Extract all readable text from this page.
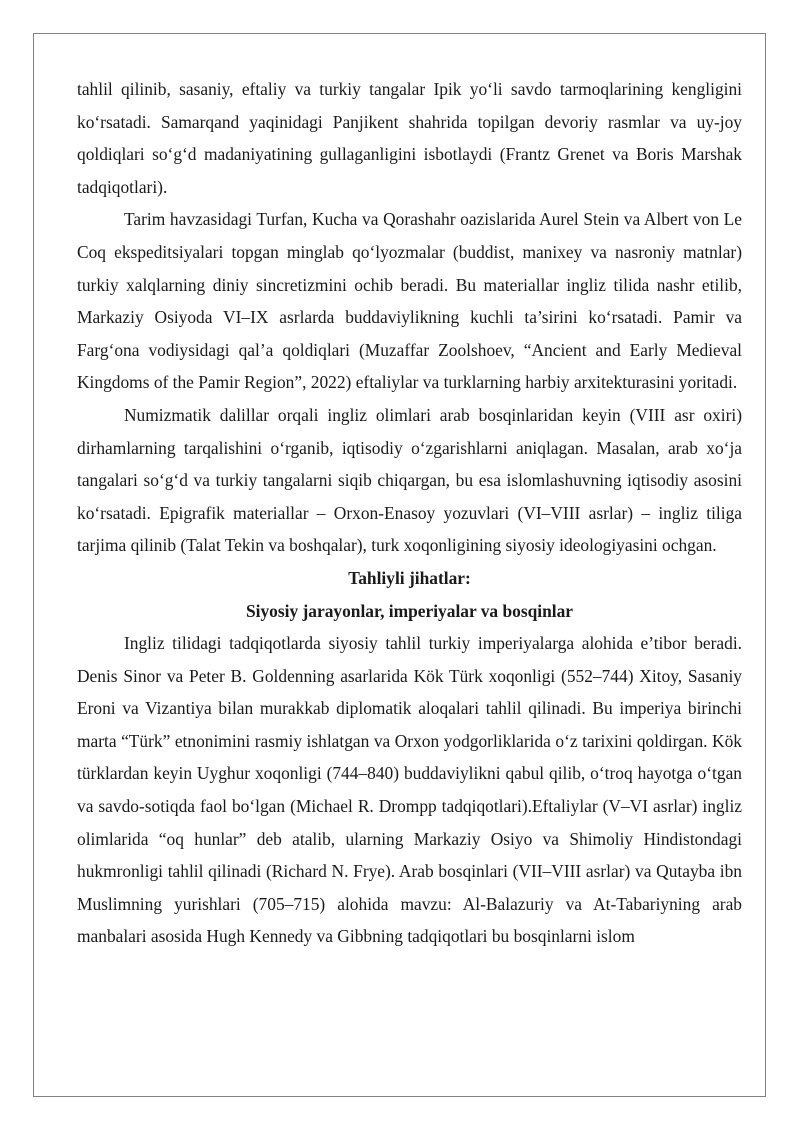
tahlil qilinib, sasaniy, eftaliy va turkiy tangalar Ipik yo‘li savdo tarmoqlarining kengligini ko‘rsatadi. Samarqand yaqinidagi Panjikent shahrida topilgan devoriy rasmlar va uy-joy qoldiqlari so‘g‘d madaniyatining gullaganligini isbotlaydi (Frantz Grenet va Boris Marshak tadqiqotlari).

Tarim havzasidagi Turfan, Kucha va Qorashahr oazislarida Aurel Stein va Albert von Le Coq ekspeditsiyalari topgan minglab qo‘lyozmalar (buddist, manixey va nasroniy matnlar) turkiy xalqlarning diniy sincretizmini ochib beradi. Bu materiallar ingliz tilida nashr etilib, Markaziy Osiyoda VI–IX asrlarda buddaviylikning kuchli ta’sirini ko‘rsatadi. Pamir va Farg‘ona vodiysidagi qal’a qoldiqlari (Muzaffar Zoolshoev, “Ancient and Early Medieval Kingdoms of the Pamir Region”, 2022) eftaliylar va turklarning harbiy arxitekturasini yoritadi.

Numizmatik dalillar orqali ingliz olimlari arab bosqinlaridan keyin (VIII asr oxiri) dirhamlarning tarqalishini o‘rganib, iqtisodiy o‘zgarishlarni aniqlagan. Masalan, arab xo‘ja tangalari so‘g‘d va turkiy tangalarni siqib chiqargan, bu esa islomlashuvning iqtisodiy asosini ko‘rsatadi. Epigrafik materiallar – Orxon-Enasoy yozuvlari (VI–VIII asrlar) – ingliz tiliga tarjima qilinib (Talat Tekin va boshqalar), turk xoqonligining siyosiy ideologiyasini ochgan.

Tahliyli jihatlar:
Siyosiy jarayonlar, imperiyalar va bosqinlar

Ingliz tilidagi tadqiqotlarda siyosiy tahlil turkiy imperiyalarga alohida e’tibor beradi. Denis Sinor va Peter B. Goldenning asarlarida Kök Türk xoqonligi (552–744) Xitoy, Sasaniy Eroni va Vizantiya bilan murakkab diplomatik aloqalari tahlil qilinadi. Bu imperiya birinchi marta “Türk” etnonimini rasmiy ishlatgan va Orxon yodgorliklarida o‘z tarixini qoldirgan. Kök türklardan keyin Uyghur xoqonligi (744–840) buddaviylikni qabul qilib, o‘troq hayotga o‘tgan va savdo-sotiqda faol bo‘lgan (Michael R. Drompp tadqiqotlari).Eftaliylar (V–VI asrlar) ingliz olimlarida “oq hunlar” deb atalib, ularning Markaziy Osiyo va Shimoliy Hindistondagi hukmronligi tahlil qilinadi (Richard N. Frye). Arab bosqinlari (VII–VIII asrlar) va Qutayba ibn Muslimning yurishlari (705–715) alohida mavzu: Al-Balazuriy va At-Tabariyning arab manbalari asosida Hugh Kennedy va Gibbning tadqiqotlari bu bosqinlarni islom
